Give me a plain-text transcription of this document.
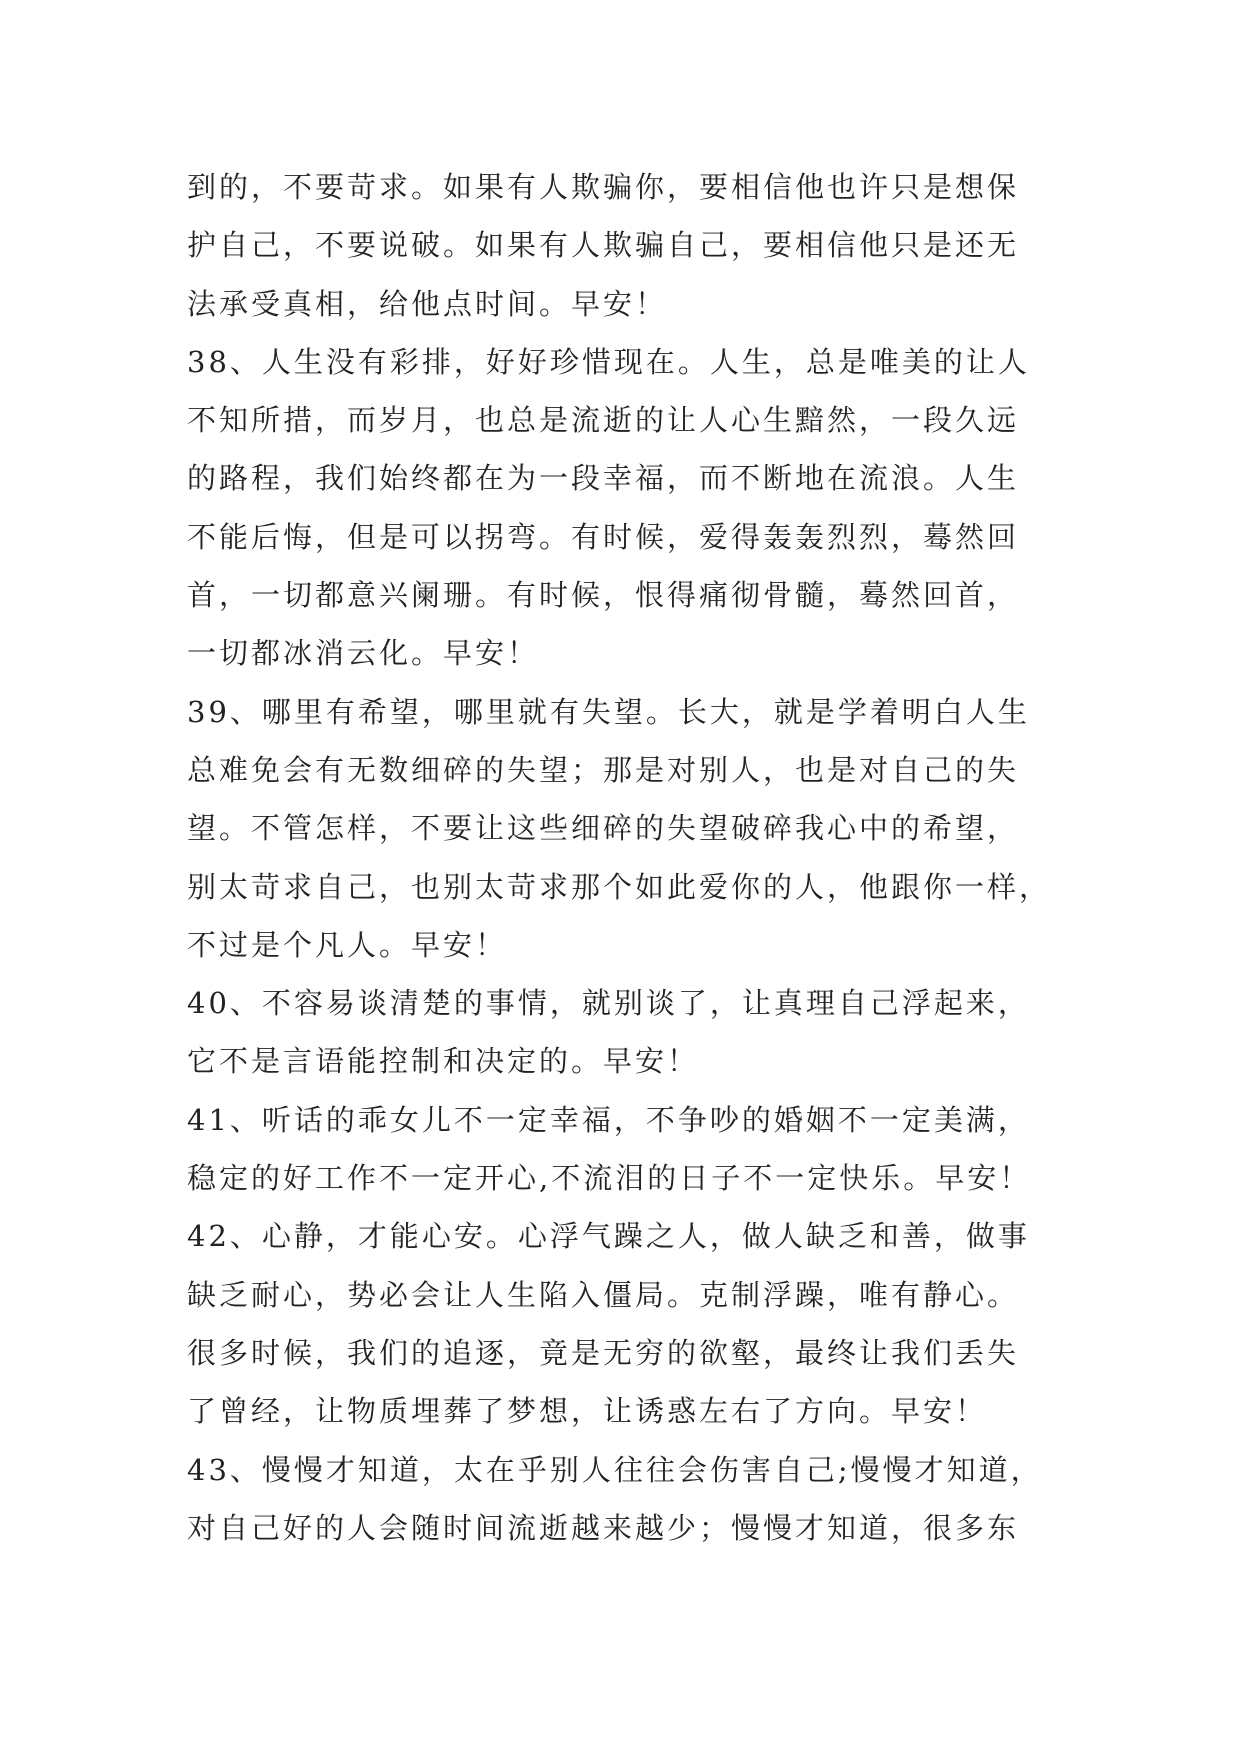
到的，不要苛求。如果有人欺骗你，要相信他也许只是想保
护自己，不要说破。如果有人欺骗自己，要相信他只是还无
法承受真相，给他点时间。早安！
38、人生没有彩排，好好珍惜现在。人生，总是唯美的让人
不知所措，而岁月，也总是流逝的让人心生黯然，一段久远
的路程，我们始终都在为一段幸福，而不断地在流浪。人生
不能后悔，但是可以拐弯。有时候，爱得轰轰烈烈，蓦然回
首，一切都意兴阑珊。有时候，恨得痛彻骨髓，蓦然回首，
一切都冰消云化。早安！
39、哪里有希望，哪里就有失望。长大，就是学着明白人生
总难免会有无数细碎的失望；那是对别人，也是对自己的失
望。不管怎样，不要让这些细碎的失望破碎我心中的希望，
别太苛求自己，也别太苛求那个如此爱你的人，他跟你一样，
不过是个凡人。早安！
40、不容易谈清楚的事情，就别谈了，让真理自己浮起来，
它不是言语能控制和决定的。早安！
41、听话的乖女儿不一定幸福，不争吵的婚姻不一定美满，
稳定的好工作不一定开心,不流泪的日子不一定快乐。早安！
42、心静，才能心安。心浮气躁之人，做人缺乏和善，做事
缺乏耐心，势必会让人生陷入僵局。克制浮躁，唯有静心。
很多时候，我们的追逐，竟是无穷的欲壑，最终让我们丢失
了曾经，让物质埋葬了梦想，让诱惑左右了方向。早安！
43、慢慢才知道，太在乎别人往往会伤害自己;慢慢才知道，
对自己好的人会随时间流逝越来越少；慢慢才知道，很多东
